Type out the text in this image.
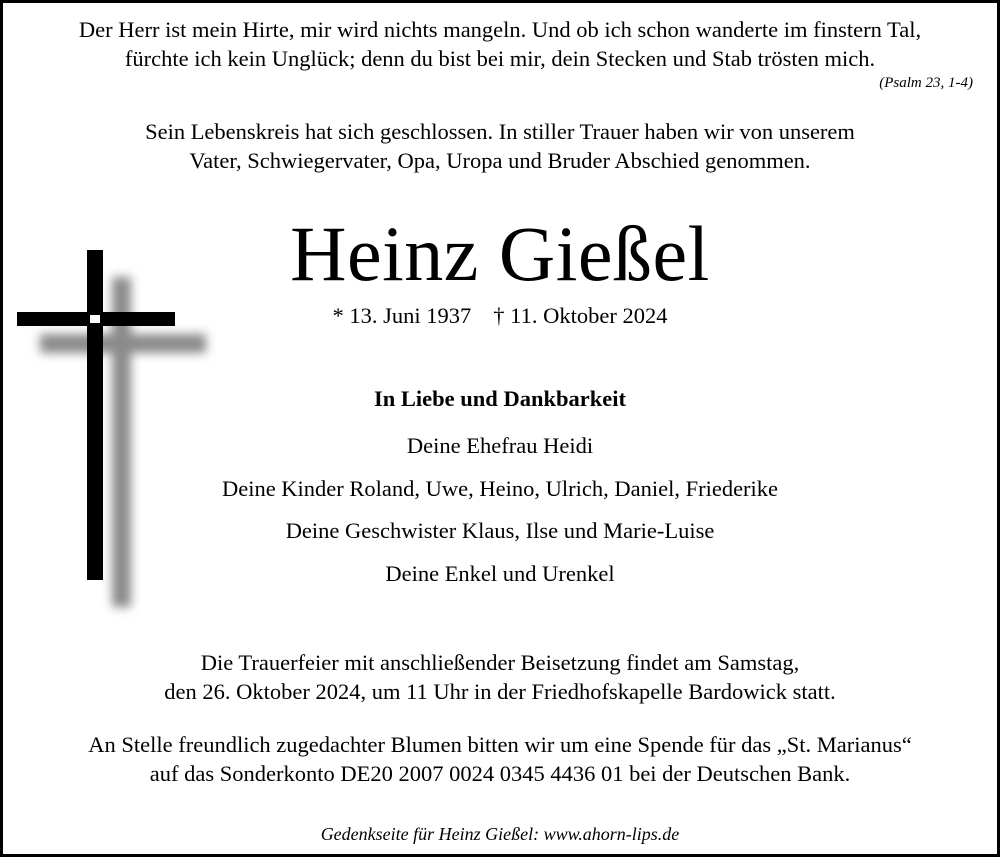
Der Herr ist mein Hirte, mir wird nichts mangeln. Und ob ich schon wanderte im finstern Tal,
fürchte ich kein Unglück; denn du bist bei mir, dein Stecken und Stab trösten mich.
(Psalm 23, 1-4)
Sein Lebenskreis hat sich geschlossen. In stiller Trauer haben wir von unserem
Vater, Schwiegervater, Opa, Uropa und Bruder Abschied genommen.
Heinz Gießel
* 13. Juni 1937 † 11. Oktober 2024
In Liebe und Dankbarkeit
Deine Ehefrau Heidi
Deine Kinder Roland, Uwe, Heino, Ulrich, Daniel, Friederike
Deine Geschwister Klaus, Ilse und Marie-Luise
Deine Enkel und Urenkel
Die Trauerfeier mit anschließender Beisetzung findet am Samstag,
den 26. Oktober 2024, um 11 Uhr in der Friedhofskapelle Bardowick statt.
An Stelle freundlich zugedachter Blumen bitten wir um eine Spende für das „St. Marianus“
auf das Sonderkonto DE20 2007 0024 0345 4436 01 bei der Deutschen Bank.
Gedenkseite für Heinz Gießel: www.ahorn-lips.de
